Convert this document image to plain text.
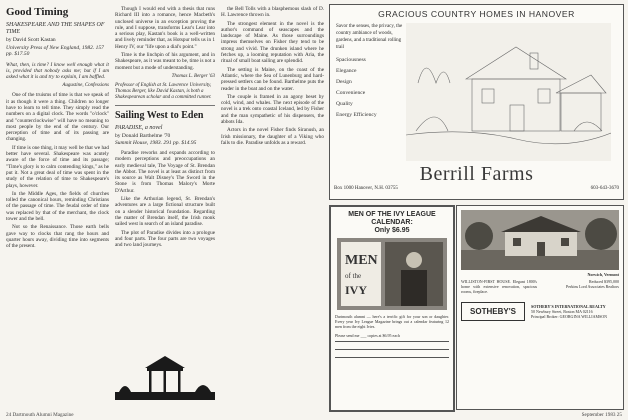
Good Timing
SHAKESPEARE AND THE SHAPES OF TIME
by David Scott Kastan
University Press of New England, 1982. 157 pp. $17.50
What, then, is time? I know well enough what it is, provided that nobody asks me; but if I am asked what it is and try to explain, I am baffled.
Augustine, Confessions

One of the truisms of time is that we speak of it as though it were a thing. Children no longer have to learn to tell time. They simply read the numbers on a digital clock. The words "o'clock" and "counterclockwise" will have no meaning to most people by the end of the century. Our perception of time and of its passing are changing.

If time is one thing, it may well be that we had better have several. Shakespeare was acutely aware of the force of time and its passage; "Time's glory is to calm contending kings," as he put it. Not a great deal of time was spent in the study of the relation of time to Shakespeare's plays, however.

In the Middle Ages, the fields of churches tolled the canonical hours, reminding Christians of the passage of time. The feudal order of time was replaced by that of the merchant, the clock tower and the bell.

Not so the Renaissance. Those earth bells gave way to clocks that rang the hours and quarter hours away, dividing time into segments of the present.

Though I would end with a thesis that runs Richard III into a romance, hence Macbeth's unclosed universe in an exception proving the rule, and I suppose, transforms Lear's Lear into a serious play, Kastan's book is a well-written and lively reminder that, as Hotspur tells us in 1 Henry IV, our "life upon a dial's point."

Time is the linchpin of his argument, and in Shakespeare, as it was meant to be, time is not a moment but a mode of understanding.

Thomas L. Berger '63
Professor of English at St. Lawrence University, Thomas Berger, like David Kastan, is both a Shakespearean scholar and a committed runner.
Sailing West to Eden
PARADISE, a novel
by Donald Barthelme '70
Summit House, 1983. 291 pp. $14.95

Paradise reworks and expands according to modern perceptions and preoccupations an early medieval tale, The Voyage of St. Brendan the Abbot. The novel is at least as distinct from its source as Walt Disney's The Sword in the Stone is from Thomas Malory's Morte D'Arthur.

Like the Arthurian legend, St. Brendan's adventures are a large fictional structure built on a slender historical foundation. Regarding the matter of Brendan itself, the Irish monk sailed west in search of an island paradise.

The plot of Paradise divides into a prologue and four parts. The four parts are two voyages and two land journeys.

the Bell Tolls with a blasphemous slash of D. H. Lawrence thrown in.

The strongest element in the novel is the author's command of seascapes and the landscape of Maine. As those surroundings impress themselves on Fisher they tend to be strong and vivid. The drunken island where he fetches up, a looming reputation with Aria, the ritual of small boat sailing are splendid.

The setting is Maine, on the coast of the Atlantic, where the Sea of Lunenburg and hard-pressed settlers can be found. Barthelme puts the reader in the boat and on the water.

The couple is framed in an agony beset by cold, wind, and whales. The next episode of the novel is a trek onto coastal Iceland, led by Fisher and the man sympathetic of his dispensers, the abbots Ida.

Actors in the novel Fisher finds Siranush, an Irish missionary, the daughter of a Viking who fails to die. Paradise unfolds as a reward.

GRACIOUS COUNTRY HOMES IN HANOVER
Savor the senses, the privacy, the country ambiance of woods, gardens, and a traditional rolling trail
Spaciousness
Elegance
Design
Convenience
Quality
Energy Efficiency
Berrill Farms
Box 1000 Hanover, N.H. 03755	603-643-3670
MEN OF THE IVY LEAGUE CALENDAR:
Only $6.95
MEN
of the
IVY
Dartmouth alumni — here's a terrific gift for your son or daughter. Every year Ivy League Magazine brings out a calendar featuring 12 men from the eight Ivies.
Please send me ___ copies at $6.95 each
Norwich, Vermont
WILLISTON-FIRST HOUSE. Elegant 1800's home with extensive renovation, spacious rooms, fireplace.
Reduced $395,000
Perkins Lord Associates Realtors
SOTHEBY'S
SOTHEBY'S INTERNATIONAL REALTY
50 Newbury Street, Boston MA 02116
Principal Broker: GEORGINA WILLIAMSON
24 Dartmouth Alumni Magazine	September 1983 25
